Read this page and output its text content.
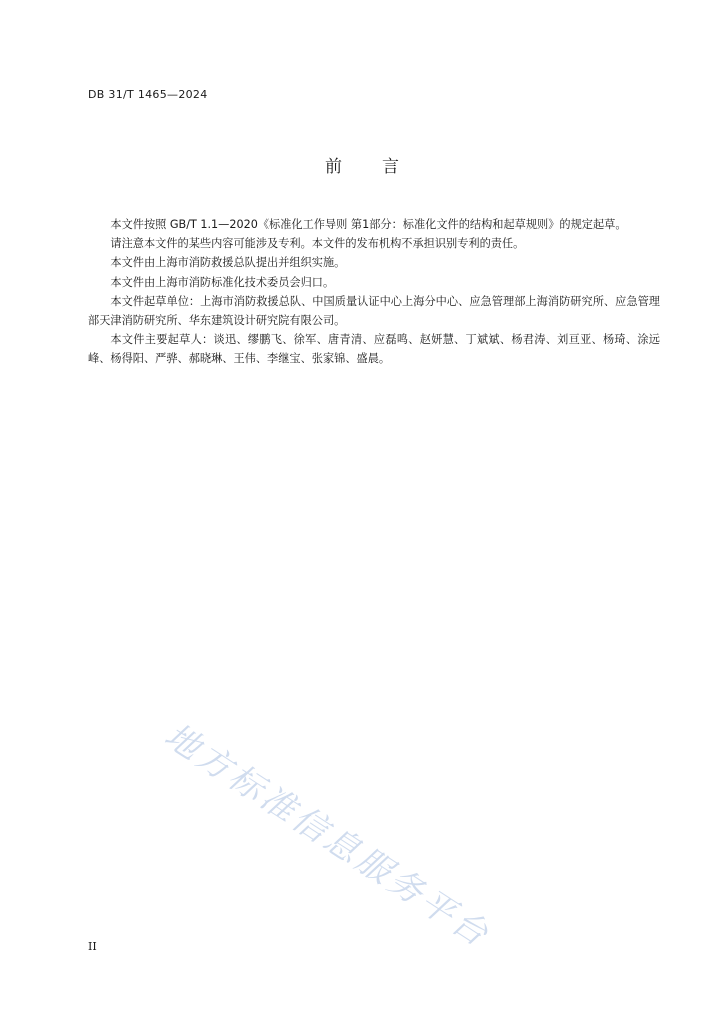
DB 31/T 1465—2024
前 言

本文件按照 GB/T 1.1—2020《标准化工作导则 第1部分：标准化文件的结构和起草规则》的规定起草。

请注意本文件的某些内容可能涉及专利。本文件的发布机构不承担识别专利的责任。

本文件由上海市消防救援总队提出并组织实施。

本文件由上海市消防标准化技术委员会归口。

本文件起草单位：上海市消防救援总队、中国质量认证中心上海分中心、应急管理部上海消防研究所、应急管理部天津消防研究所、华东建筑设计研究院有限公司。

本文件主要起草人：谈迅、缪鹏飞、徐军、唐青清、应磊鸣、赵妍慧、丁斌斌、杨君涛、刘亘亚、杨琦、涂远峰、杨得阳、严骅、郝晓琳、王伟、李继宝、张家锦、盛晨。

地方标准信息服务平台
II
